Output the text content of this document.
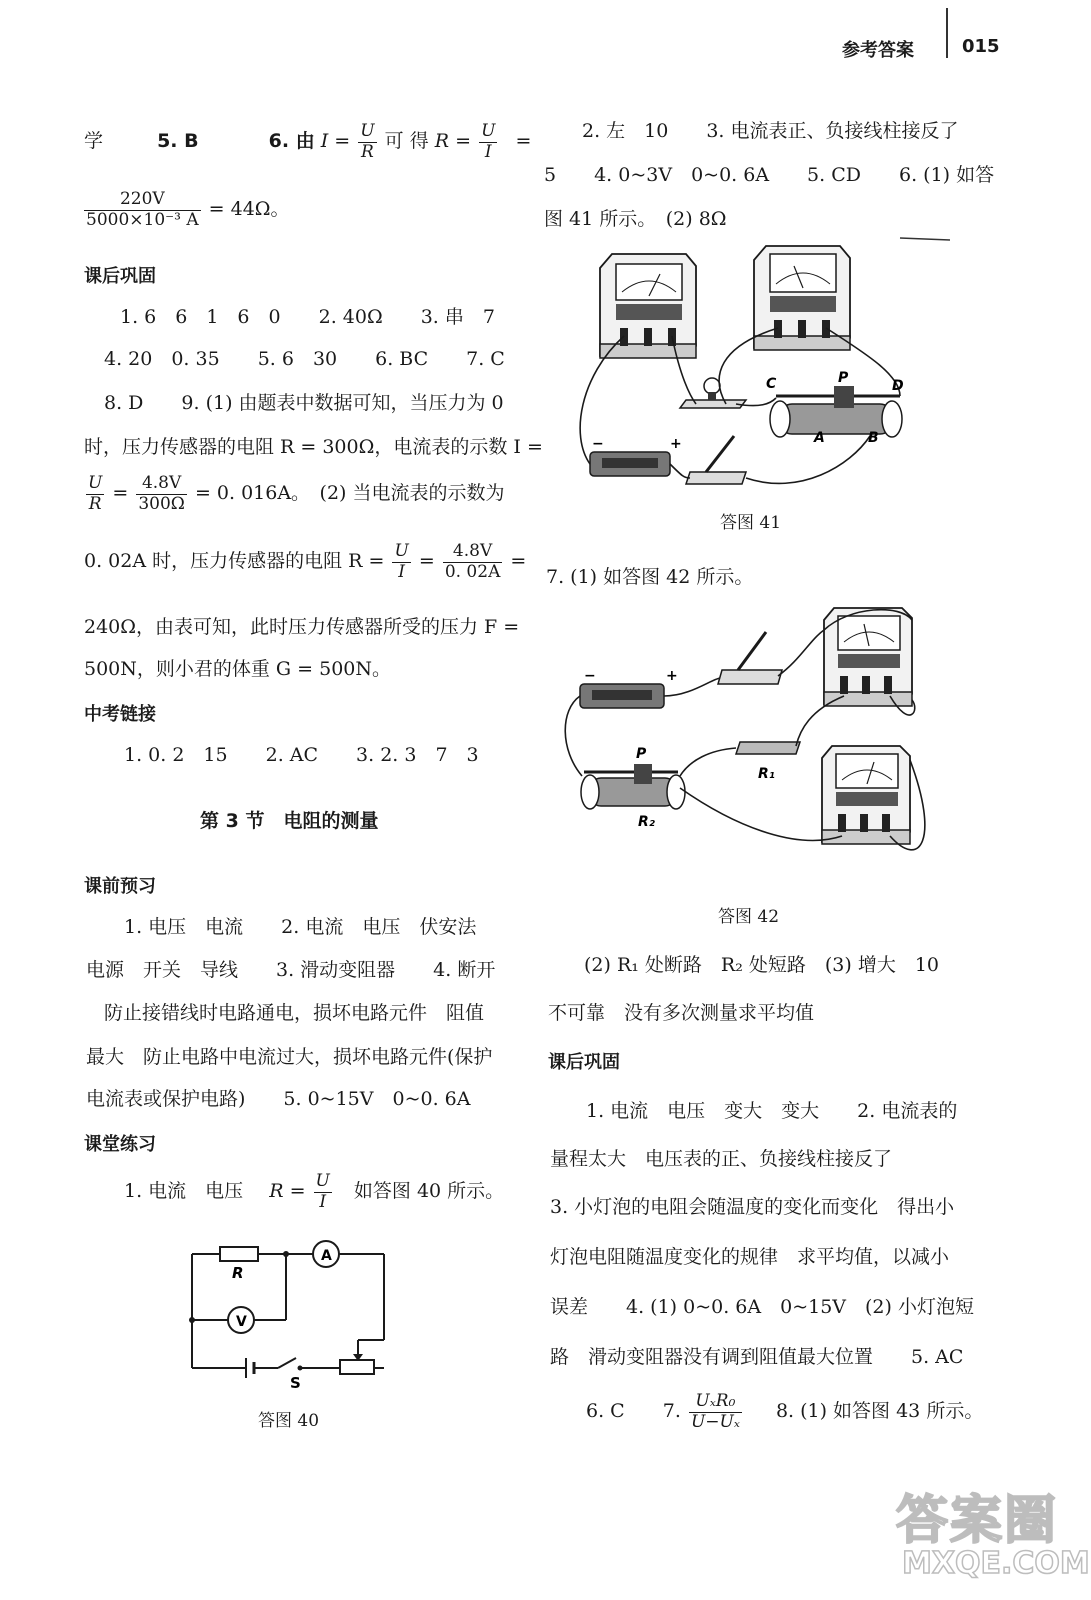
参考答案	015
学	5. B	6. 由 $I = \frac{U}{R}$ 可 得 $R = \frac{U}{I}$ =
$\frac{220V}{\text{5000×10⁻³ A}} = 44\Omega$。
课后巩固
1. 6　6　1　6　0　　2. 40Ω　　3. 串　7
4. 20　0. 35　　5. 6　30　　6. BC　　7. C
8. D　　9. (1) 由题表中数据可知，当压力为 0
时，压力传感器的电阻 R = 300Ω，电流表的示数 I =
$\frac{U}{R} = \frac{4.8V}{300\Omega} = 0$. 016A。　(2) 当电流表的示数为
0. 02A 时，压力传感器的电阻 $R = \frac{U}{I} = \frac{4.8V}{0. 02A}$ =
240Ω，由表可知，此时压力传感器所受的压力 F =
500N，则小君的体重 G = 500N。
中考链接
1. 0. 2　15　　2. AC　　3. 2. 3　7　3
第 3 节　电阻的测量
课前预习
1. 电压　电流　　2. 电流　电压　伏安法
电源　开关　导线　　3. 滑动变阻器　　4. 断开
防止接错线时电路通电，损坏电路元件　阻值
最大　防止电路中电流过大，损坏电路元件(保护
电流表或保护电路)　　5. 0~15V　0~0. 6A
课堂练习
1. 电流　电压 $R = \frac{U}{I}$ 如答图 40 所示。
R
A
V
S
答图 40
2. 左　10　　3. 电流表正、负接线柱接反了
5　　4. 0~3V　0~0. 6A　　5. CD　　6. (1) 如答
图 41 所示。　(2) 8Ω
C	P	D
A	B
−	+
答图 41
7. (1) 如答图 42 所示。
P
R₁
R₂
−	+
答图 42
(2) R₁ 处断路　R₂ 处短路　(3) 增大　10
不可靠　没有多次测量求平均值
课后巩固
1. 电流　电压　变大　变大　　2. 电流表的
量程太大　电压表的正、负接线柱接反了
3. 小灯泡的电阻会随温度的变化而变化　得出小
灯泡电阻随温度变化的规律　求平均值，以减小
误差　　4. (1) 0~0. 6A　0~15V　(2) 小灯泡短
路　滑动变阻器没有调到阻值最大位置　　5. AC
6. C 7. $\frac{\text{UₓR₀}}{\text{U−Uₓ}} 8$. (1) 如答图 43 所示。
答案圈
MXQE.COM
